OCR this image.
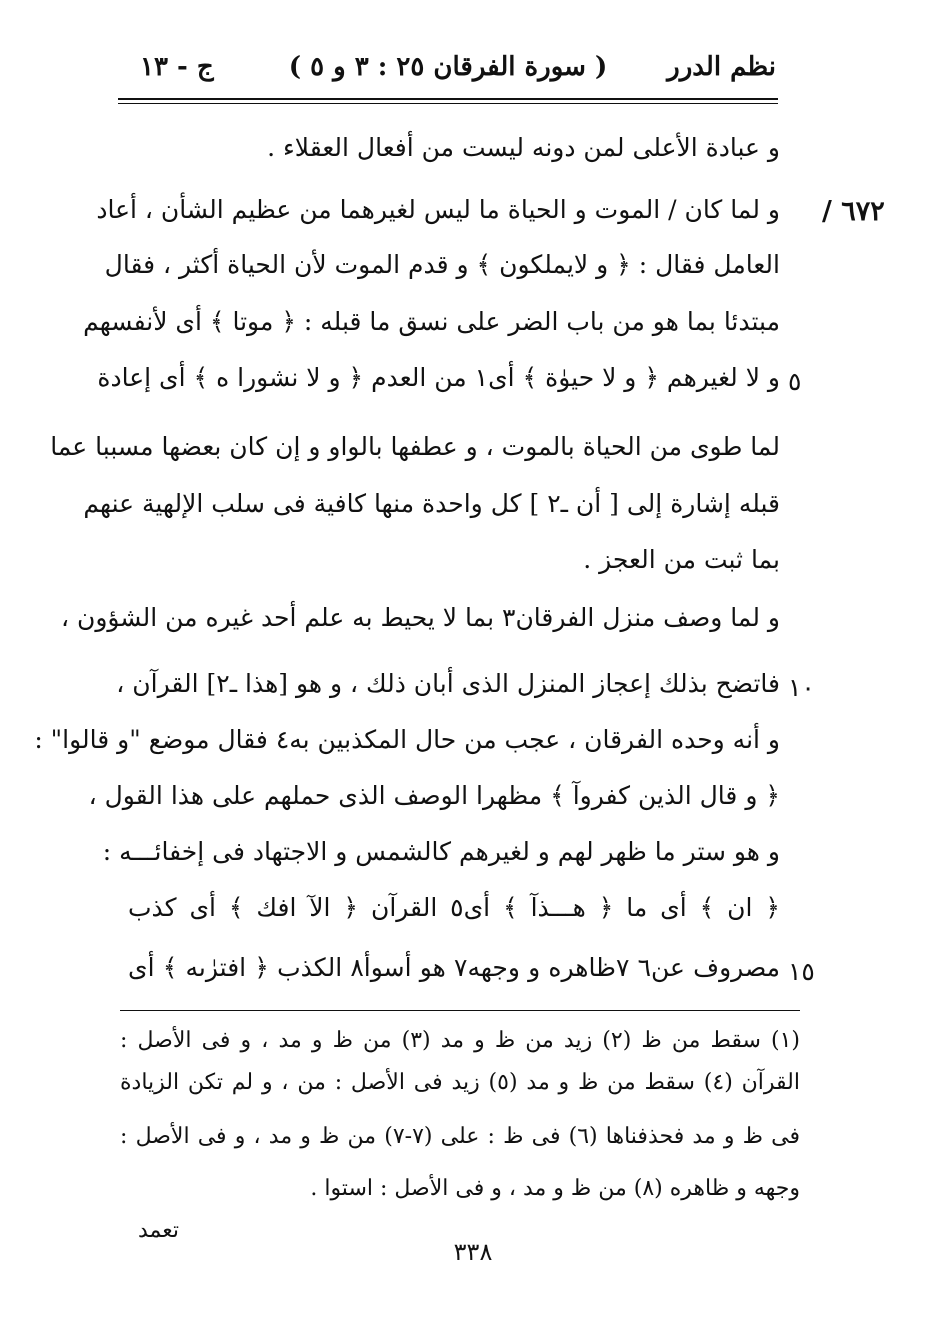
نظم الدرر
( سورة الفرقان ٢٥ : ٣ و ٥ )
ج - ١٣
٦٧٢ /
و عبادة الأعلى لمن دونه ليست من أفعال العقلاء .
و لما كان / الموت و الحياة ما ليس لغيرهما من عظيم الشأن ، أعاد
العامل فقال : ﴿ و لايملكون ﴾ و قدم الموت لأن الحياة أكثر ، فقال
مبتدئا بما هو من باب الضر على نسق ما قبله : ﴿ موتا ﴾ أى لأنفسهم
و لا لغيرهم ﴿ و لا حيوٰة ﴾ أى١ من العدم ﴿ و لا نشورا ه ﴾ أى إعادة ٥
لما طوى من الحياة بالموت ، و عطفها بالواو و إن كان بعضها مسببا عما
قبله إشارة إلى [ أن ـ٢ ] كل واحدة منها كافية فى سلب الإلهية عنهم
بما ثبت من العجز .
و لما وصف منزل الفرقان٣ بما لا يحيط به علم أحد غيره من الشؤون ،
فاتضح بذلك إعجاز المنزل الذى أبان ذلك ، و هو [هذا ـ٢] القرآن ، ١٠
و أنه وحده الفرقان ، عجب من حال المكذبين به٤ فقال موضع "و قالوا" :
﴿ و قال الذين كفروآ ﴾ مظهرا الوصف الذى حملهم على هذا القول ،
و هو ستر ما ظهر لهم و لغيرهم كالشمس و الاجتهاد فى إخفائـــه :
﴿ ان ﴾ أى ما ﴿ هـــذآ ﴾ أى٥ القرآن ﴿ الآ افك ﴾ أى كذب
مصروف عن٦ ٧ظاهره و وجهه٧ هو أسوأ٨ الكذب ﴿ افترٰىه ﴾ أى ١٥
(١) سقط من ظ (٢) زيد من ظ و مد (٣) من ظ و مد ، و فى الأصل :
القرآن (٤) سقط من ظ و مد (٥) زيد فى الأصل : من ، و لم تكن الزيادة
فى ظ و مد فحذفناها (٦) فى ظ : على (٧-٧) من ظ و مد ، و فى الأصل :
وجهه و ظاهره (٨) من ظ و مد ، و فى الأصل : استوا .
تعمد
٣٣٨
